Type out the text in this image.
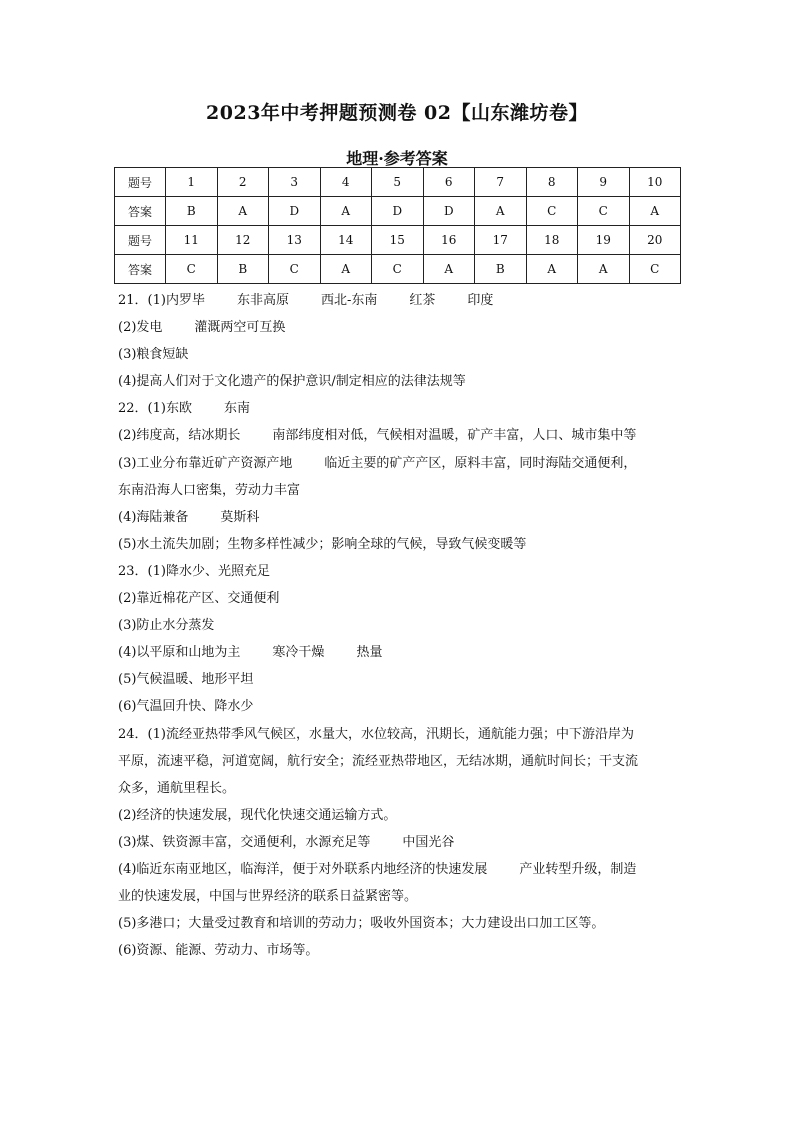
2023年中考押题预测卷 02【山东潍坊卷】
地理·参考答案
题号	1	2	3	4	5	6	7	8	9	10
答案	B	A	D	A	D	D	A	C	C	A
题号	11	12	13	14	15	16	17	18	19	20
答案	C	B	C	A	C	A	B	A	A	C
21．(1)内罗毕 东非高原 西北-东南 红茶 印度
(2)发电 灌溉两空可互换
(3)粮食短缺
(4)提高人们对于文化遗产的保护意识/制定相应的法律法规等
22．(1)东欧 东南
(2)纬度高，结冰期长 南部纬度相对低，气候相对温暖，矿产丰富，人口、城市集中等
(3)工业分布靠近矿产资源产地 临近主要的矿产产区，原料丰富，同时海陆交通便利，
东南沿海人口密集，劳动力丰富
(4)海陆兼备 莫斯科
(5)水土流失加剧；生物多样性减少；影响全球的气候，导致气候变暖等
23．(1)降水少、光照充足
(2)靠近棉花产区、交通便利
(3)防止水分蒸发
(4)以平原和山地为主 寒冷干燥 热量
(5)气候温暖、地形平坦
(6)气温回升快、降水少
24．(1)流经亚热带季风气候区，水量大，水位较高，汛期长，通航能力强；中下游沿岸为
平原，流速平稳，河道宽阔，航行安全；流经亚热带地区，无结冰期，通航时间长；干支流
众多，通航里程长。
(2)经济的快速发展，现代化快速交通运输方式。
(3)煤、铁资源丰富，交通便利，水源充足等 中国光谷
(4)临近东南亚地区，临海洋，便于对外联系内地经济的快速发展 产业转型升级，制造
业的快速发展，中国与世界经济的联系日益紧密等。
(5)多港口；大量受过教育和培训的劳动力；吸收外国资本；大力建设出口加工区等。
(6)资源、能源、劳动力、市场等。
